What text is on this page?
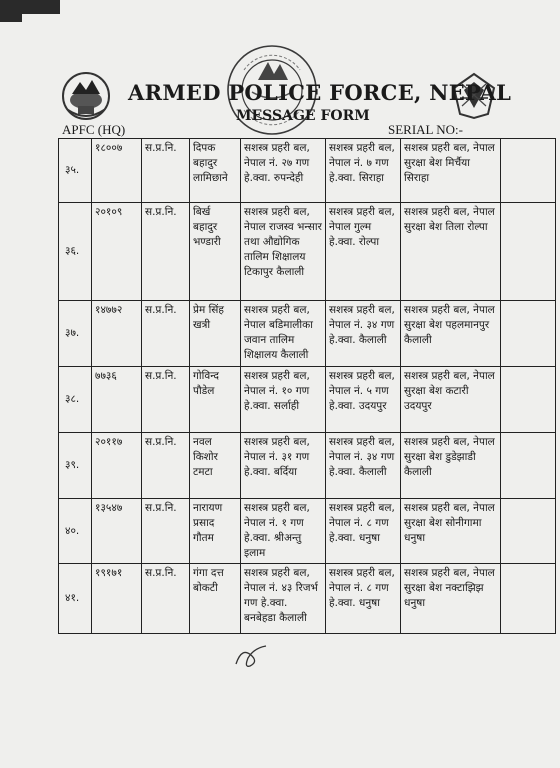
ARMED POLICE FORCE, NEPAL
MESSAGE FORM
APFC (HQ)	SERIAL NO:-
३५.	१८००७	स.प्र.नि.	दिपक बहादुर लामिछाने	सशस्त्र प्रहरी बल, नेपाल नं. २७ गण हे.क्वा. रुपन्देही	सशस्त्र प्रहरी बल, नेपाल नं. ७ गण हे.क्वा. सिराहा	सशस्त्र प्रहरी बल, नेपाल सुरक्षा बेश मिर्चैया सिराहा	
३६.	२०१०९	स.प्र.नि.	बिर्ख बहादुर भण्डारी	सशस्त्र प्रहरी बल, नेपाल राजस्व भन्सार तथा औद्योगिक तालिम शिक्षालय टिकापुर कैलाली	सशस्त्र प्रहरी बल, नेपाल गुल्म हे.क्वा. रोल्पा	सशस्त्र प्रहरी बल, नेपाल सुरक्षा बेश तिला रोल्पा	
३७.	१४७७२	स.प्र.नि.	प्रेम सिंह खत्री	सशस्त्र प्रहरी बल, नेपाल बडिमालीका जवान तालिम शिक्षालय कैलाली	सशस्त्र प्रहरी बल, नेपाल नं. ३४ गण हे.क्वा. कैलाली	सशस्त्र प्रहरी बल, नेपाल सुरक्षा बेश पहलमानपुर कैलाली	
३८.	७७३६	स.प्र.नि.	गोविन्द पौडेल	सशस्त्र प्रहरी बल, नेपाल नं. १० गण हे.क्वा. सर्लाही	सशस्त्र प्रहरी बल, नेपाल नं. ५ गण हे.क्वा. उदयपुर	सशस्त्र प्रहरी बल, नेपाल सुरक्षा बेश कटारी उदयपुर	
३९.	२०११७	स.प्र.नि.	नवल किशोर टमटा	सशस्त्र प्रहरी बल, नेपाल नं. ३१ गण हे.क्वा. बर्दिया	सशस्त्र प्रहरी बल, नेपाल नं. ३४ गण हे.क्वा. कैलाली	सशस्त्र प्रहरी बल, नेपाल सुरक्षा बेश डुडेझाडी कैलाली	
४०.	१३५४७	स.प्र.नि.	नारायण प्रसाद गौतम	सशस्त्र प्रहरी बल, नेपाल नं. १ गण हे.क्वा. श्रीअन्तु इलाम	सशस्त्र प्रहरी बल, नेपाल नं. ८ गण हे.क्वा. धनुषा	सशस्त्र प्रहरी बल, नेपाल सुरक्षा बेश सोनीगामा धनुषा	
४१.	१९१७१	स.प्र.नि.	गंगा दत्त बोकटी	सशस्त्र प्रहरी बल, नेपाल नं. ४३ रिजर्भ गण हे.क्वा. बनबेहडा कैलाली	सशस्त्र प्रहरी बल, नेपाल नं. ८ गण हे.क्वा. धनुषा	सशस्त्र प्रहरी बल, नेपाल सुरक्षा बेश नक्टाझिझ धनुषा	
